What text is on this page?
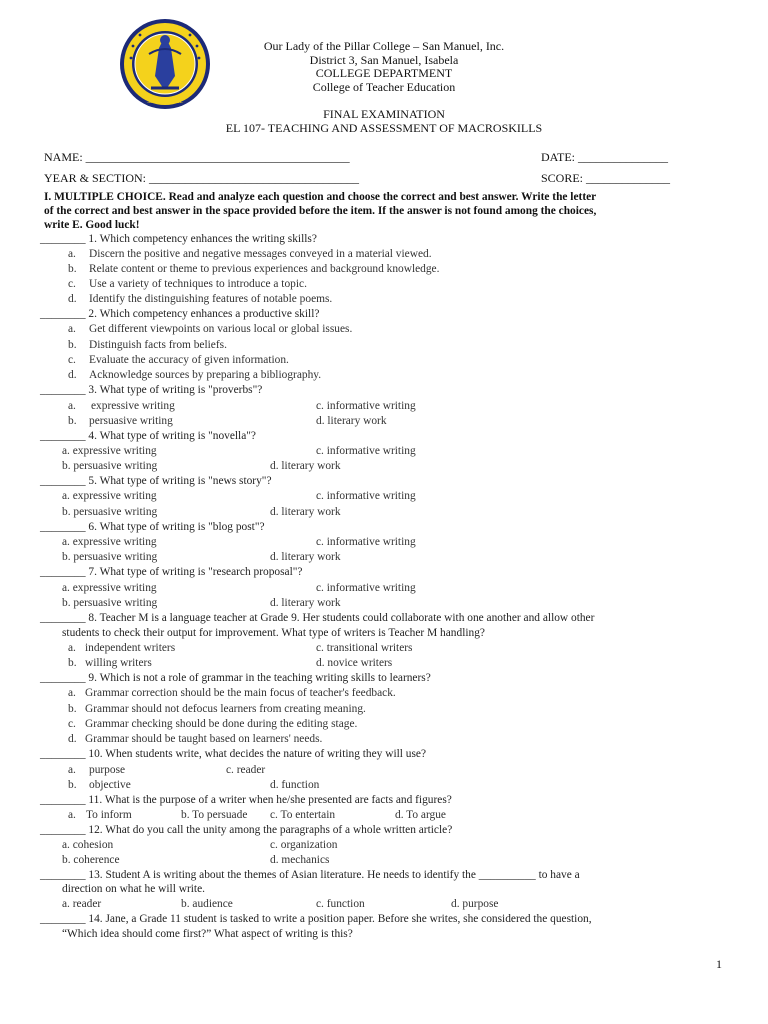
SAN MANUEL
Our Lady of the Pillar College – San Manuel, Inc.
District 3, San Manuel, Isabela
COLLEGE DEPARTMENT
College of Teacher Education
FINAL EXAMINATION
EL 107- TEACHING AND ASSESSMENT OF MACROSKILLS
NAME: ____________________________________________	DATE: _______________
YEAR & SECTION: ___________________________________	SCORE: ______________
I. MULTIPLE CHOICE. Read and analyze each question and choose the correct and best answer. Write the letter
of the correct and best answer in the space provided before the item. If the answer is not found among the choices,
write E. Good luck!
________ 1. Which competency enhances the writing skills?
a. Discern the positive and negative messages conveyed in a material viewed.
b. Relate content or theme to previous experiences and background knowledge.
c. Use a variety of techniques to introduce a topic.
d. Identify the distinguishing features of notable poems.
________ 2. Which competency enhances a productive skill?
a. Get different viewpoints on various local or global issues.
b. Distinguish facts from beliefs.
c. Evaluate the accuracy of given information.
d. Acknowledge sources by preparing a bibliography.
________ 3. What type of writing is "proverbs"?
a. expressive writing	c. informative writing
b. persuasive writing	d. literary work
________ 4. What type of writing is "novella"?
a. expressive writing	c. informative writing
b. persuasive writing	d. literary work
________ 5. What type of writing is "news story"?
a. expressive writing	c. informative writing
b. persuasive writing	d. literary work
________ 6. What type of writing is "blog post"?
a. expressive writing	c. informative writing
b. persuasive writing	d. literary work
________ 7. What type of writing is "research proposal"?
a. expressive writing	c. informative writing
b. persuasive writing	d. literary work
________ 8. Teacher M is a language teacher at Grade 9. Her students could collaborate with one another and allow other
students to check their output for improvement. What type of writers is Teacher M handling?
a. independent writers	c. transitional writers
b. willing writers	d. novice writers
________ 9. Which is not a role of grammar in the teaching writing skills to learners?
a. Grammar correction should be the main focus of teacher's feedback.
b. Grammar should not defocus learners from creating meaning.
c. Grammar checking should be done during the editing stage.
d. Grammar should be taught based on learners' needs.
________ 10. When students write, what decides the nature of writing they will use?
a. purpose	c. reader
b. objective	d. function
________ 11. What is the purpose of a writer when he/she presented are facts and figures?
a. To inform	b. To persuade c. To entertain	d. To argue
________ 12. What do you call the unity among the paragraphs of a whole written article?
a. cohesion	c. organization
b. coherence	d. mechanics
________ 13. Student A is writing about the themes of Asian literature. He needs to identify the __________ to have a
direction on what he will write.
a. reader	b. audience	c. function	d. purpose
________ 14. Jane, a Grade 11 student is tasked to write a position paper. Before she writes, she considered the question,
“Which idea should come first?” What aspect of writing is this?
1
